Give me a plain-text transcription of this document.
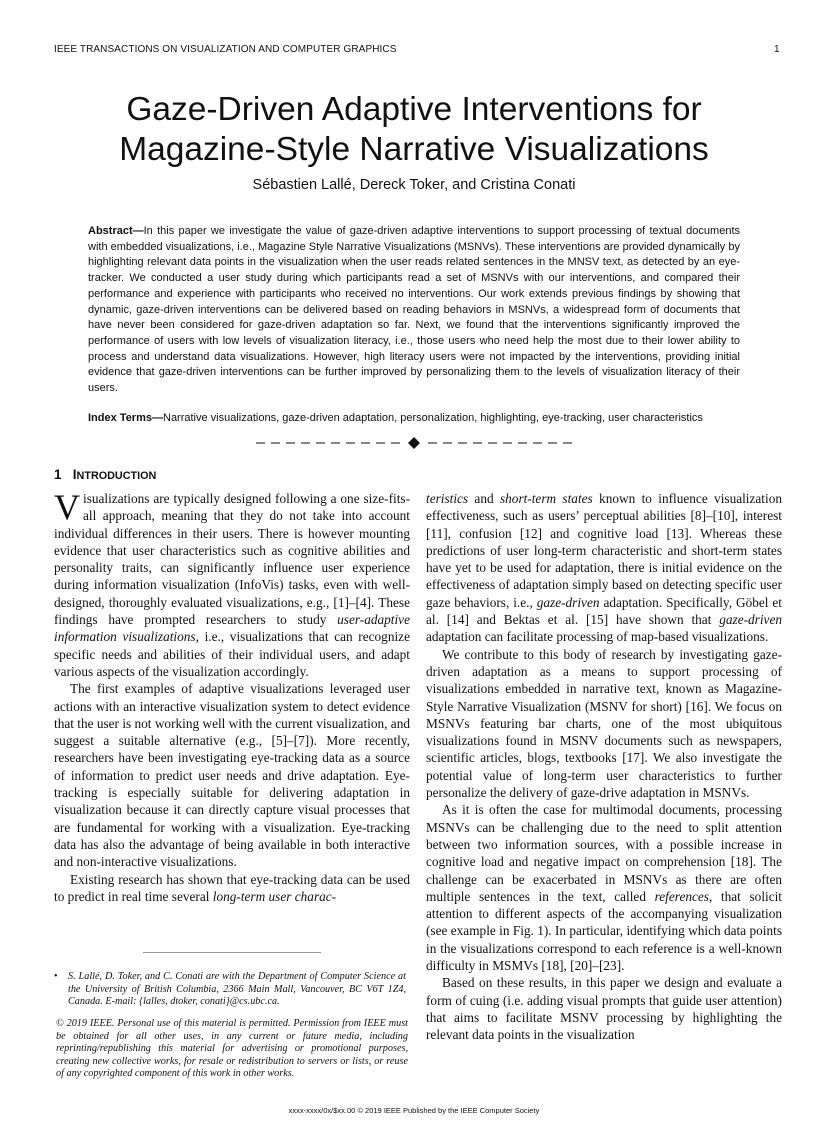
IEEE TRANSACTIONS ON VISUALIZATION AND COMPUTER GRAPHICS	1
Gaze-Driven Adaptive Interventions for
Magazine-Style Narrative Visualizations
Sébastien Lallé, Dereck Toker, and Cristina Conati

Abstract—In this paper we investigate the value of gaze-driven adaptive interventions to support processing of textual documents with embedded visualizations, i.e., Magazine Style Narrative Visualizations (MSNVs). These interventions are provided dynamically by highlighting relevant data points in the visualization when the user reads related sentences in the MNSV text, as detected by an eye-tracker. We conducted a user study during which participants read a set of MSNVs with our interventions, and compared their performance and experience with participants who received no interventions. Our work extends previous findings by showing that dynamic, gaze-driven interventions can be delivered based on reading behaviors in MSNVs, a widespread form of documents that have never been considered for gaze-driven adaptation so far. Next, we found that the interventions significantly improved the performance of users with low levels of visualization literacy, i.e., those users who need help the most due to their lower ability to process and understand data visualizations. However, high literacy users were not impacted by the interventions, providing initial evidence that gaze-driven interventions can be further improved by personalizing them to the levels of visualization literacy of their users.

Index Terms—Narrative visualizations, gaze-driven adaptation, personalization, highlighting, eye-tracking, user characteristics

1 INTRODUCTION

Visualizations are typically designed following a one size-fits-all approach, meaning that they do not take into account individual differences in their users. There is however mounting evidence that user characteristics such as cognitive abilities and personality traits, can significantly influence user experience during information visualization (InfoVis) tasks, even with well-designed, thoroughly evaluated visualizations, e.g., [1]–[4]. These findings have prompted researchers to study user-adaptive information visualizations, i.e., visualizations that can recognize specific needs and abilities of their individual users, and adapt various aspects of the visualization accordingly.

The first examples of adaptive visualizations leveraged user actions with an interactive visualization system to detect evidence that the user is not working well with the current visualization, and suggest a suitable alternative (e.g., [5]–[7]). More recently, researchers have been investigating eye-tracking data as a source of information to predict user needs and drive adaptation. Eye-tracking is especially suitable for delivering adaptation in visualization because it can directly capture visual processes that are fundamental for working with a visualization. Eye-tracking data has also the advantage of being available in both interactive and non-interactive visualizations.

Existing research has shown that eye-tracking data can be used to predict in real time several long-term user charac-

teristics and short-term states known to influence visualization effectiveness, such as users’ perceptual abilities [8]–[10], interest [11], confusion [12] and cognitive load [13]. Whereas these predictions of user long-term characteristic and short-term states have yet to be used for adaptation, there is initial evidence on the effectiveness of adaptation simply based on detecting specific user gaze behaviors, i.e., gaze-driven adaptation. Specifically, Göbel et al. [14] and Bektas et al. [15] have shown that gaze-driven adaptation can facilitate processing of map-based visualizations.

We contribute to this body of research by investigating gaze-driven adaptation as a means to support processing of visualizations embedded in narrative text, known as Magazine-Style Narrative Visualization (MSNV for short) [16]. We focus on MSNVs featuring bar charts, one of the most ubiquitous visualizations found in MSNV documents such as newspapers, scientific articles, blogs, textbooks [17]. We also investigate the potential value of long-term user characteristics to further personalize the delivery of gaze-drive adaptation in MSNVs.

As it is often the case for multimodal documents, processing MSNVs can be challenging due to the need to split attention between two information sources, with a possible increase in cognitive load and negative impact on comprehension [18]. The challenge can be exacerbated in MSNVs as there are often multiple sentences in the text, called references, that solicit attention to different aspects of the accompanying visualization (see example in Fig. 1). In particular, identifying which data points in the visualizations correspond to each reference is a well-known difficulty in MSMVs [18], [20]–[23].

Based on these results, in this paper we design and evaluate a form of cuing (i.e. adding visual prompts that guide user attention) that aims to facilitate MSNV processing by highlighting the relevant data points in the visualization

• S. Lallé, D. Toker, and C. Conati are with the Department of Computer Science at the University of British Columbia, 2366 Main Mall, Vancouver, BC V6T 1Z4, Canada. E-mail: {lalles, dtoker, conati}@cs.ubc.ca.

© 2019 IEEE. Personal use of this material is permitted. Permission from IEEE must be obtained for all other uses, in any current or future media, including reprinting/republishing this material for advertising or promotional purposes, creating new collective works, for resale or redistribution to servers or lists, or reuse of any copyrighted component of this work in other works.

xxxx-xxxx/0x/$xx.00 © 2019 IEEE Published by the IEEE Computer Society
